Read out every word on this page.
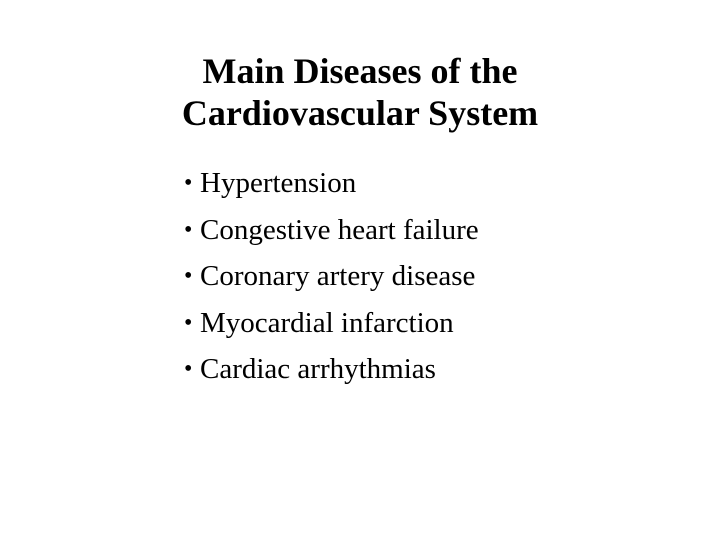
Main Diseases of the
Cardiovascular System
• Hypertension
• Congestive heart failure
• Coronary artery disease
• Myocardial infarction
• Cardiac arrhythmias
